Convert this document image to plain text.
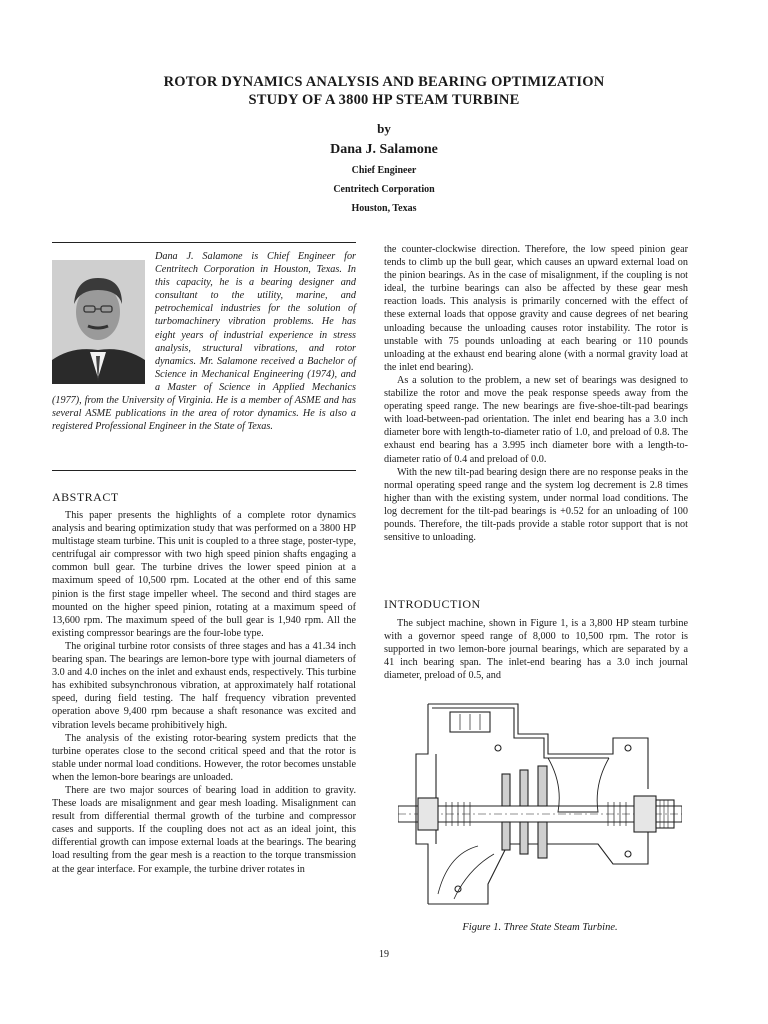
ROTOR DYNAMICS ANALYSIS AND BEARING OPTIMIZATION
STUDY OF A 3800 HP STEAM TURBINE
by
Dana J. Salamone
Chief Engineer
Centritech Corporation
Houston, Texas

Dana J. Salamone is Chief Engineer for Centritech Corporation in Houston, Texas. In this capacity, he is a bearing designer and consultant to the utility, marine, and petrochemical industries for the solution of turbomachinery vibration problems. He has eight years of industrial experience in stress analysis, structural vibrations, and rotor dynamics. Mr. Salamone received a Bachelor of Science in Mechanical Engineering (1974), and a Master of Science in Applied Mechanics (1977), from the University of Virginia. He is a member of ASME and has several ASME publications in the area of rotor dynamics. He is also a registered Professional Engineer in the State of Texas.

ABSTRACT

This paper presents the highlights of a complete rotor dynamics analysis and bearing optimization study that was performed on a 3800 HP multistage steam turbine. This unit is coupled to a three stage, poster-type, centrifugal air compressor with two high speed pinion shafts engaging a common bull gear. The turbine drives the lower speed pinion at a maximum speed of 10,500 rpm. Located at the other end of this same pinion is the first stage impeller wheel. The second and third stages are mounted on the higher speed pinion, rotating at a maximum speed of 13,600 rpm. The maximum speed of the bull gear is 1,940 rpm. All the existing compressor bearings are the four-lobe type.

The original turbine rotor consists of three stages and has a 41.34 inch bearing span. The bearings are lemon-bore type with journal diameters of 3.0 and 4.0 inches on the inlet and exhaust ends, respectively. This turbine has exhibited subsynchronous vibration, at approximately half rotational speed, during field testing. The half frequency vibration prevented operation above 9,400 rpm because a shaft resonance was excited and vibration levels became prohibitively high.

The analysis of the existing rotor-bearing system predicts that the turbine operates close to the second critical speed and that the rotor is stable under normal load conditions. However, the rotor becomes unstable when the lemon-bore bearings are unloaded.

There are two major sources of bearing load in addition to gravity. These loads are misalignment and gear mesh loading. Misalignment can result from differential thermal growth of the turbine and compressor cases and supports. If the coupling does not act as an ideal joint, this differential growth can impose external loads at the bearings. The bearing load resulting from the gear mesh is a reaction to the torque transmission at the gear interface. For example, the turbine driver rotates in

the counter-clockwise direction. Therefore, the low speed pinion gear tends to climb up the bull gear, which causes an upward external load on the pinion bearings. As in the case of misalignment, if the coupling is not ideal, the turbine bearings can also be affected by these gear mesh reaction loads. This analysis is primarily concerned with the effect of these external loads that oppose gravity and cause degrees of net bearing unloading because the unloading causes rotor instability. The rotor is unstable with 75 pounds unloading at each bearing or 110 pounds unloading at the exhaust end bearing alone (with a normal gravity load at the inlet end bearing).

As a solution to the problem, a new set of bearings was designed to stabilize the rotor and move the peak response speeds away from the operating speed range. The new bearings are five-shoe-tilt-pad bearings with load-between-pad orientation. The inlet end bearing has a 3.0 inch diameter bore with length-to-diameter ratio of 1.0, and preload of 0.8. The exhaust end bearing has a 3.995 inch diameter bore with a length-to-diameter ratio of 0.4 and preload of 0.0.

With the new tilt-pad bearing design there are no response peaks in the normal operating speed range and the system log decrement is 2.8 times higher than with the existing system, under normal load conditions. The log decrement for the tilt-pad bearings is +0.52 for an unloading of 100 pounds. Therefore, the tilt-pads provide a stable rotor support that is not sensitive to unloading.

INTRODUCTION

The subject machine, shown in Figure 1, is a 3,800 HP steam turbine with a governor speed range of 8,000 to 10,500 rpm. The rotor is supported in two lemon-bore journal bearings, which are separated by a 41 inch bearing span. The inlet-end bearing has a 3.0 inch journal diameter, preload of 0.5, and

Figure 1. Three State Steam Turbine.
19
